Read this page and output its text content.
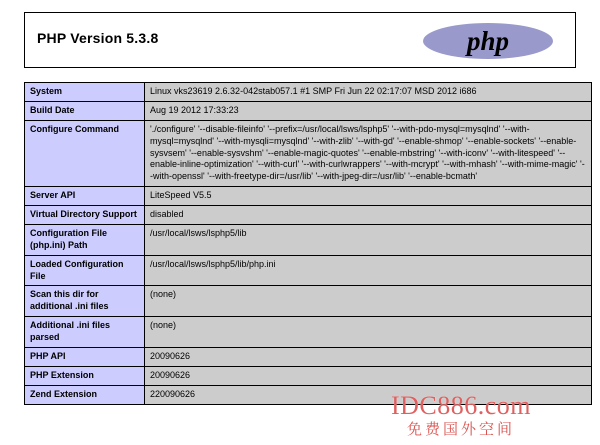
PHP Version 5.3.8	php
System	Linux vks23619 2.6.32-042stab057.1 #1 SMP Fri Jun 22 02:17:07 MSD 2012 i686
Build Date	Aug 19 2012 17:33:23
Configure Command	'./configure' '--disable-fileinfo' '--prefix=/usr/local/lsws/lsphp5' '--with-pdo-mysql=mysqlnd' '--with-mysql=mysqlnd' '--with-mysqli=mysqlnd' '--with-zlib' '--with-gd' '--enable-shmop' '--enable-sockets' '--enable-sysvsem' '--enable-sysvshm' '--enable-magic-quotes' '--enable-mbstring' '--with-iconv' '--with-litespeed' '--enable-inline-optimization' '--with-curl' '--with-curlwrappers' '--with-mcrypt' '--with-mhash' '--with-mime-magic' '--with-openssl' '--with-freetype-dir=/usr/lib' '--with-jpeg-dir=/usr/lib' '--enable-bcmath'
Server API	LiteSpeed V5.5
Virtual Directory Support	disabled
Configuration File (php.ini) Path	/usr/local/lsws/lsphp5/lib
Loaded Configuration File	/usr/local/lsws/lsphp5/lib/php.ini
Scan this dir for additional .ini files	(none)
Additional .ini files parsed	(none)
PHP API	20090626
PHP Extension	20090626
Zend Extension	220090626	IDC886.com
免费国外空间
